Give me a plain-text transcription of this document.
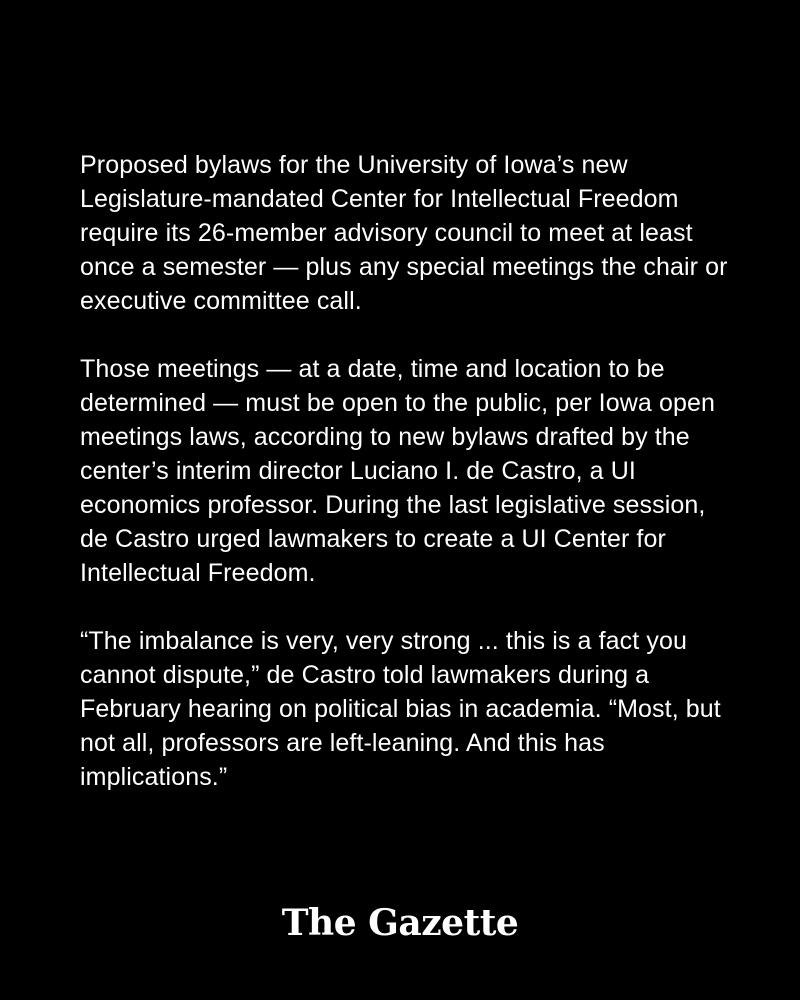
Proposed bylaws for the University of Iowa’s new Legislature-mandated Center for Intellectual Freedom require its 26-member advisory council to meet at least once a semester — plus any special meetings the chair or executive committee call.

Those meetings — at a date, time and location to be determined — must be open to the public, per Iowa open meetings laws, according to new bylaws drafted by the center’s interim director Luciano I. de Castro, a UI economics professor. During the last legislative session, de Castro urged lawmakers to create a UI Center for Intellectual Freedom.

“The imbalance is very, very strong ... this is a fact you cannot dispute,” de Castro told lawmakers during a February hearing on political bias in academia. “Most, but not all, professors are left-leaning. And this has implications.”

The Gazette
